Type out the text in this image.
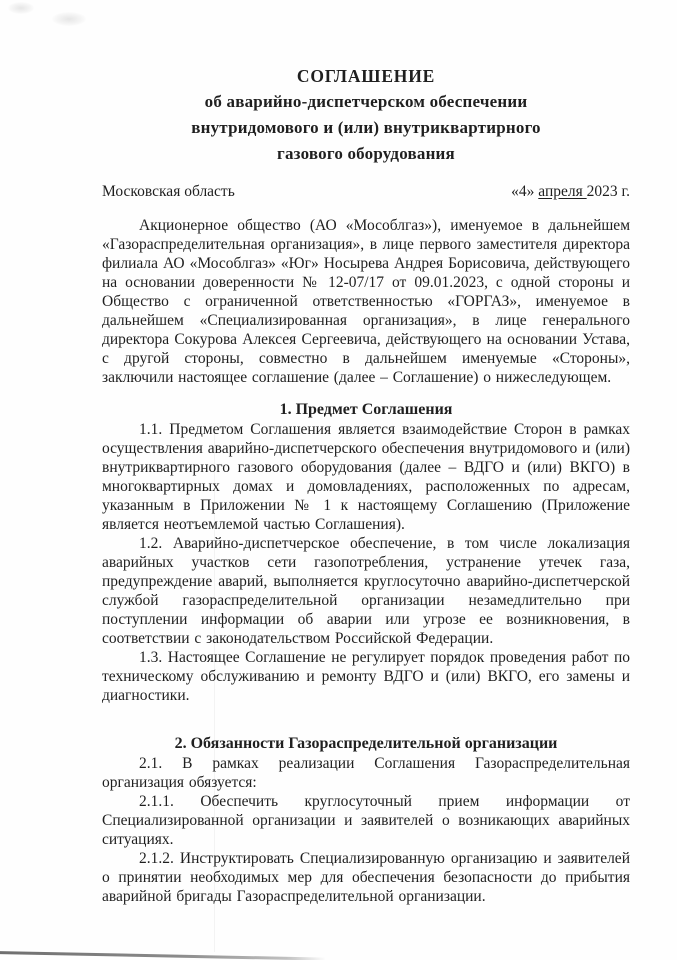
СОГЛАШЕНИЕ
об аварийно-диспетчерском обеспечении
внутридомового и (или) внутриквартирного
газового оборудования
Московская область	«4» апреля 2023 г.

Акционерное общество (АО «Мособлгаз»), именуемое в дальнейшем «Газораспределительная организация», в лице первого заместителя директора филиала АО «Мособлгаз» «Юг» Носырева Андрея Борисовича, действующего на основании доверенности № 12-07/17 от 09.01.2023, с одной стороны и Общество с ограниченной ответственностью «ГОРГАЗ», именуемое в дальнейшем «Специализированная организация», в лице генерального директора Сокурова Алексея Сергеевича, действующего на основании Устава, с другой стороны, совместно в дальнейшем именуемые «Стороны», заключили настоящее соглашение (далее – Соглашение) о нижеследующем.

1. Предмет Соглашения

1.1. Предметом Соглашения является взаимодействие Сторон в рамках осуществления аварийно-диспетчерского обеспечения внутридомового и (или) внутриквартирного газового оборудования (далее – ВДГО и (или) ВКГО) в многоквартирных домах и домовладениях, расположенных по адресам, указанным в Приложении № 1 к настоящему Соглашению (Приложение является неотъемлемой частью Соглашения).

1.2. Аварийно-диспетчерское обеспечение, в том числе локализация аварийных участков сети газопотребления, устранение утечек газа, предупреждение аварий, выполняется круглосуточно аварийно-диспетчерской службой газораспределительной организации незамедлительно при поступлении информации об аварии или угрозе ее возникновения, в соответствии с законодательством Российской Федерации.

1.3. Настоящее Соглашение не регулирует порядок проведения работ по техническому обслуживанию и ремонту ВДГО и (или) ВКГО, его замены и диагностики.

2. Обязанности Газораспределительной организации

2.1. В рамках реализации Соглашения Газораспределительная организация обязуется:

2.1.1. Обеспечить круглосуточный прием информации от Специализированной организации и заявителей о возникающих аварийных ситуациях.

2.1.2. Инструктировать Специализированную организацию и заявителей о принятии необходимых мер для обеспечения безопасности до прибытия аварийной бригады Газораспределительной организации.
